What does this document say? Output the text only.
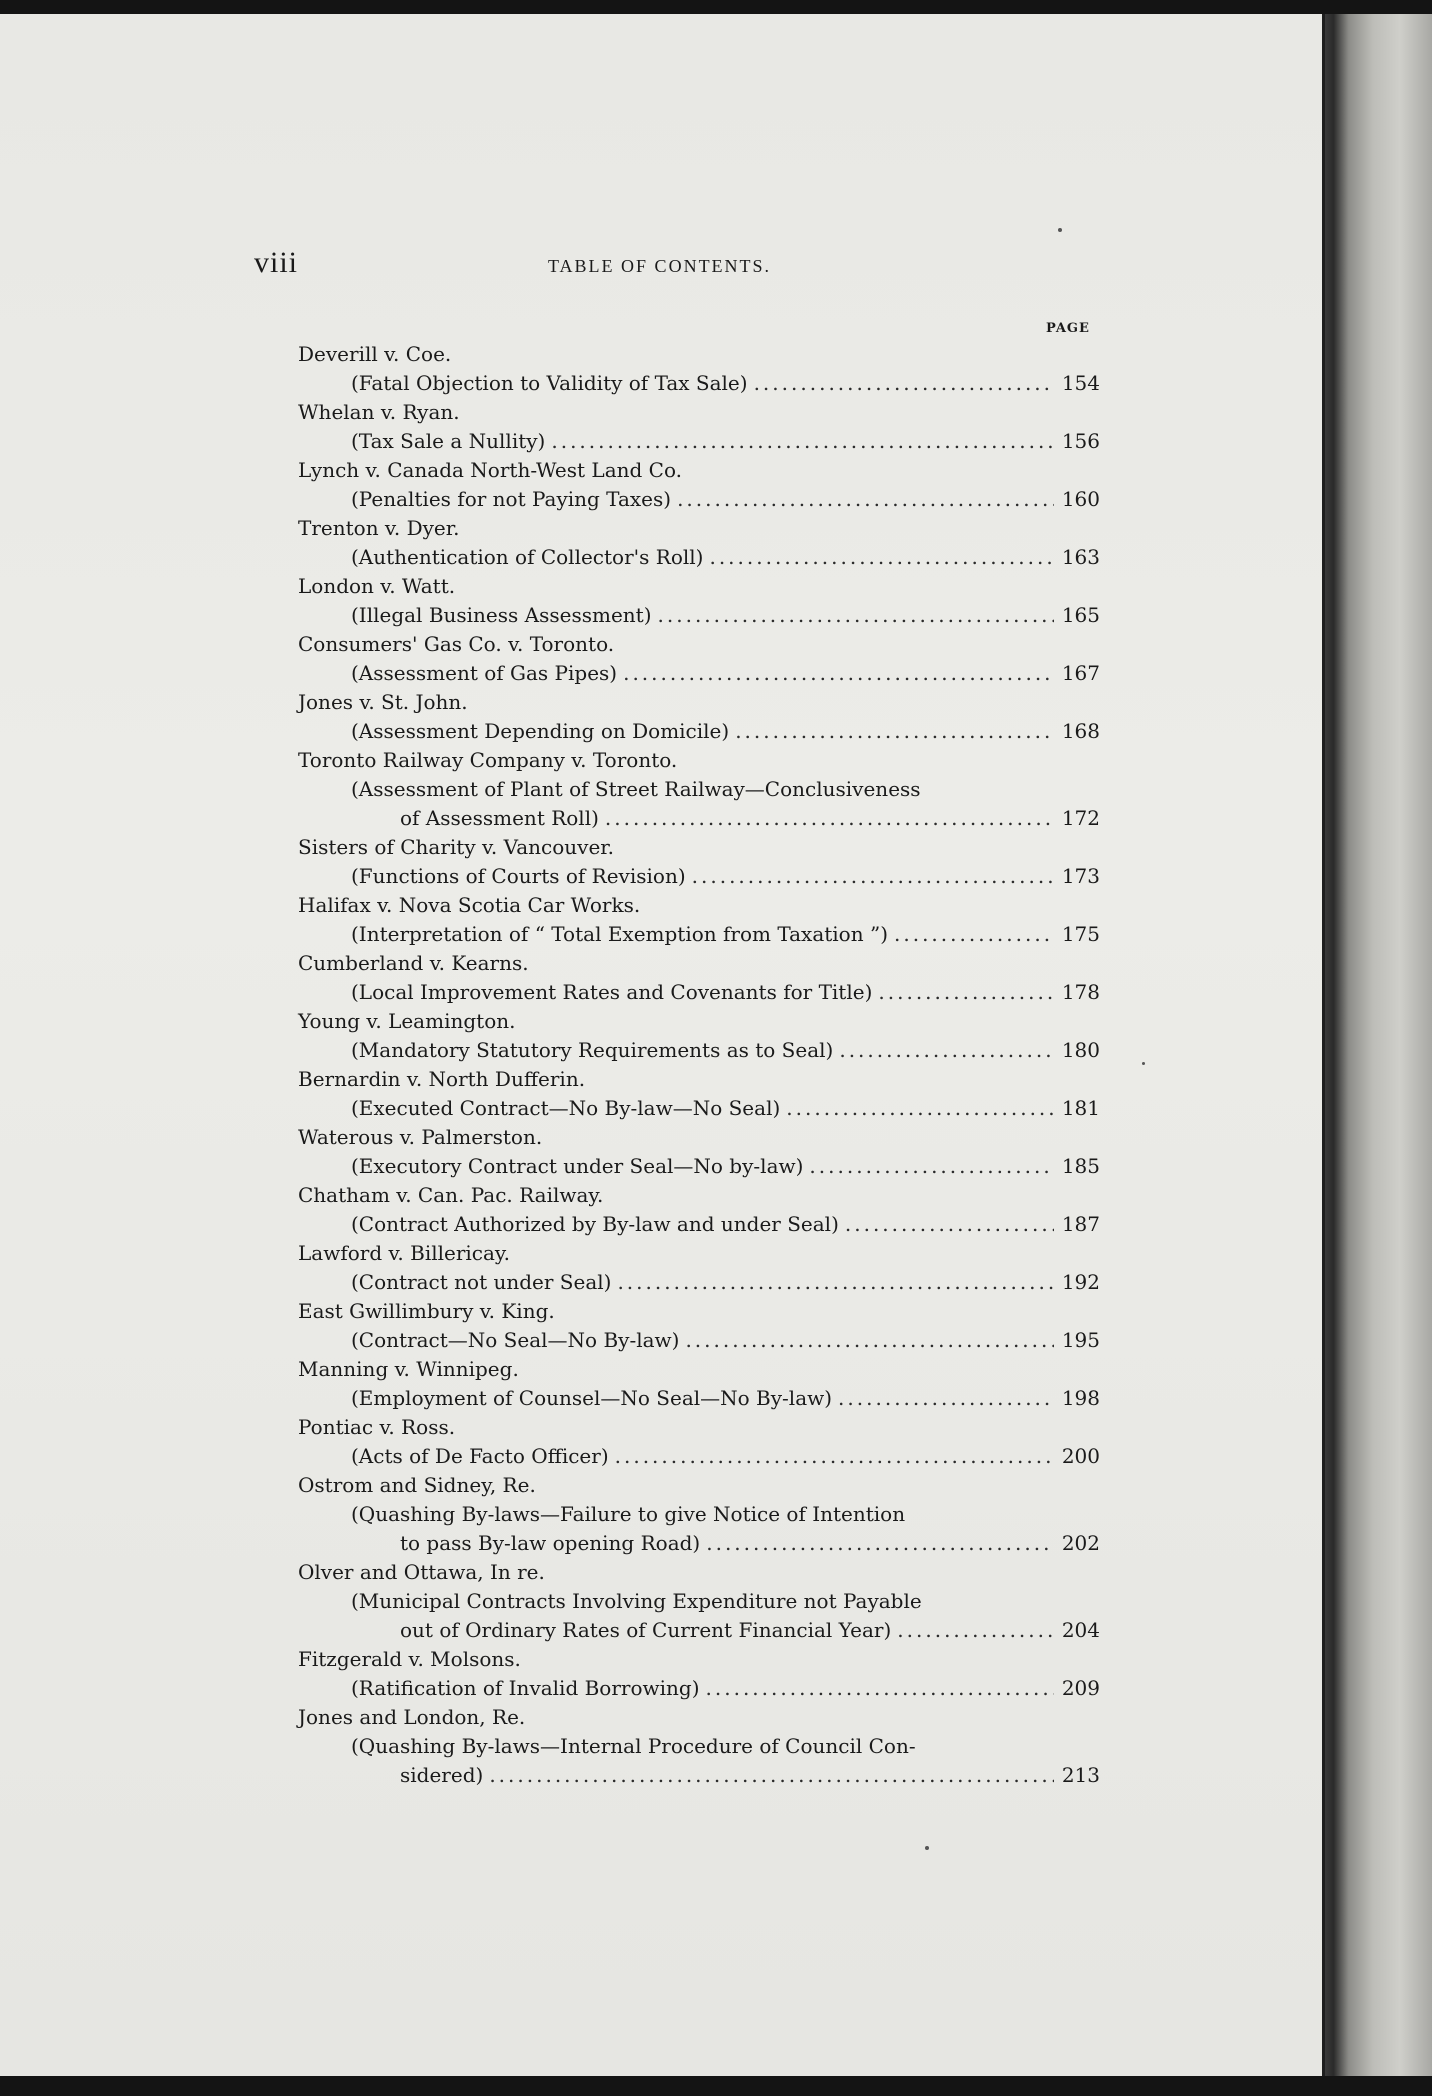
viii	TABLE OF CONTENTS.
PAGE
Deverill v. Coe.
(Fatal Objection to Validity of Tax Sale) .....	154
Whelan v. Ryan.
(Tax Sale a Nullity) .....	156
Lynch v. Canada North-West Land Co.
(Penalties for not Paying Taxes) .....	160
Trenton v. Dyer.
(Authentication of Collector's Roll) .....	163
London v. Watt.
(Illegal Business Assessment) .....	165
Consumers' Gas Co. v. Toronto.
(Assessment of Gas Pipes) .....	167
Jones v. St. John.
(Assessment Depending on Domicile) .....	168
Toronto Railway Company v. Toronto.
(Assessment of Plant of Street Railway—Conclusiveness
of Assessment Roll) .....	172
Sisters of Charity v. Vancouver.
(Functions of Courts of Revision) .....	173
Halifax v. Nova Scotia Car Works.
(Interpretation of “ Total Exemption from Taxation ”) .....	175
Cumberland v. Kearns.
(Local Improvement Rates and Covenants for Title) .....	178
Young v. Leamington.
(Mandatory Statutory Requirements as to Seal) .....	180
Bernardin v. North Dufferin.
(Executed Contract—No By-law—No Seal) .....	181
Waterous v. Palmerston.
(Executory Contract under Seal—No by-law) .....	185
Chatham v. Can. Pac. Railway.
(Contract Authorized by By-law and under Seal) .....	187
Lawford v. Billericay.
(Contract not under Seal) .....	192
East Gwillimbury v. King.
(Contract—No Seal—No By-law) .....	195
Manning v. Winnipeg.
(Employment of Counsel—No Seal—No By-law) .....	198
Pontiac v. Ross.
(Acts of De Facto Officer) .....	200
Ostrom and Sidney, Re.
(Quashing By-laws—Failure to give Notice of Intention
to pass By-law opening Road) .....	202
Olver and Ottawa, In re.
(Municipal Contracts Involving Expenditure not Payable
out of Ordinary Rates of Current Financial Year) .....	204
Fitzgerald v. Molsons.
(Ratification of Invalid Borrowing) .....	209
Jones and London, Re.
(Quashing By-laws—Internal Procedure of Council Con-
sidered) .....	213
